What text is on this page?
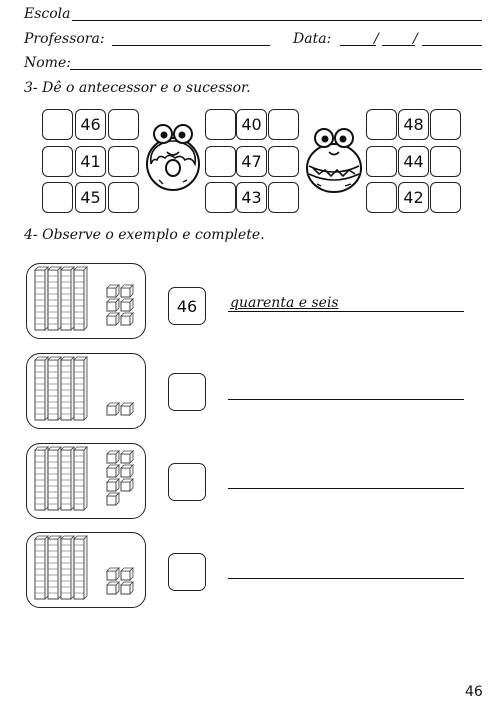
Escola
Professora:	Data:	/ /
Nome:
3- Dê o antecessor e o sucessor.
46
41
45
40
47
43
48
44
42
4- Observe o exemplo e complete.
46	quarenta e seis
46
